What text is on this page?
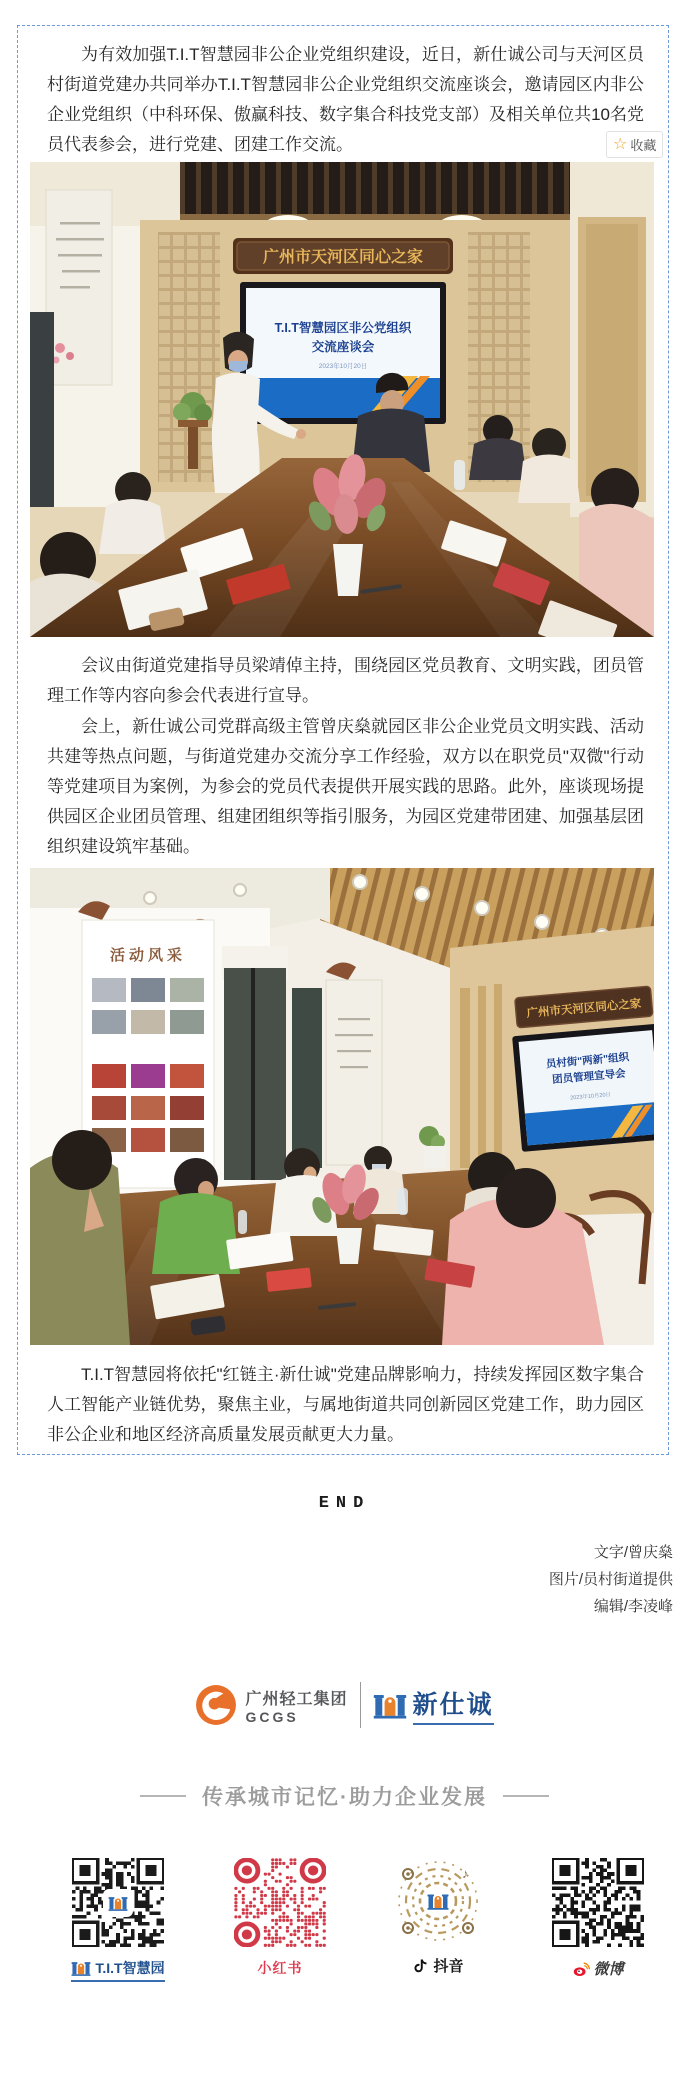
为有效加强T.I.T智慧园非公企业党组织建设，近日，新仕诚公司与天河区员村街道党建办共同举办T.I.T智慧园非公企业党组织交流座谈会，邀请园区内非公企业党组织（中科环保、傲赢科技、数字集合科技党支部）及相关单位共10名党员代表参会，进行党建、团建工作交流。	☆ 收藏
广州市天河区同心之家
T.I.T智慧园区非公党组织
交流座谈会
2023年10月20日

会议由街道党建指导员梁靖倬主持，围绕园区党员教育、文明实践，团员管理工作等内容向参会代表进行宣导。

会上，新仕诚公司党群高级主管曾庆燊就园区非公企业党员文明实践、活动共建等热点问题，与街道党建办交流分享工作经验，双方以在职党员"双微"行动等党建项目为案例，为参会的党员代表提供开展实践的思路。此外，座谈现场提供园区企业团员管理、组建团组织等指引服务，为园区党建带团建、加强基层团组织建设筑牢基础。

活动风采
广州市天河区同心之家
员村街"两新"组织
团员管理宣导会
2023年10月20日

T.I.T智慧园将依托"红链主·新仕诚"党建品牌影响力，持续发挥园区数字集合人工智能产业链优势，聚焦主业，与属地街道共同创新园区党建工作，助力园区非公企业和地区经济高质量发展贡献更大力量。

END
文字/曾庆燊
图片/员村街道提供
编辑/李凌峰
广州轻工集团
GCGS	新仕诚
传承城市记忆·助力企业发展
T.I.T智慧园	小红书
♪
抖音	微博
